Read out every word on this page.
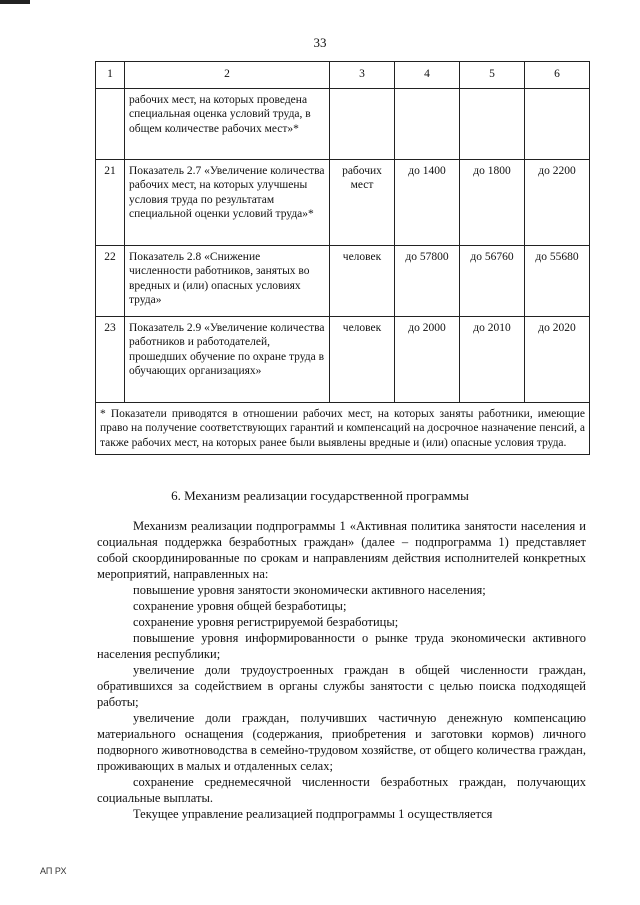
33
1	2	3	4	5	6
	рабочих мест, на которых проведена специальная оценка условий труда, в общем количестве рабочих мест»*				
21	Показатель 2.7 «Увеличение количества рабочих мест, на которых улучшены условия труда по результатам специальной оценки условий труда»*	рабочих мест	до 1400	до 1800	до 2200
22	Показатель 2.8 «Снижение численности работников, занятых во вредных и (или) опасных условиях труда»	человек	до 57800	до 56760	до 55680
23	Показатель 2.9 «Увеличение количества работников и работодателей, прошедших обучение по охране труда в обучающих организациях»	человек	до 2000	до 2010	до 2020
* Показатели приводятся в отношении рабочих мест, на которых заняты работники, имеющие право на получение соответствующих гарантий и компенсаций на досрочное назначение пенсий, а также рабочих мест, на которых ранее были выявлены вредные и (или) опасные условия труда.					
6. Механизм реализации государственной программы

Механизм реализации подпрограммы 1 «Активная политика занятости населения и социальная поддержка безработных граждан» (далее – подпрограмма 1) представляет собой скоординированные по срокам и направлениям действия исполнителей конкретных мероприятий, направленных на:

повышение уровня занятости экономически активного населения;

сохранение уровня общей безработицы;

сохранение уровня регистрируемой безработицы;

повышение уровня информированности о рынке труда экономически активного населения республики;

увеличение доли трудоустроенных граждан в общей численности граждан, обратившихся за содействием в органы службы занятости с целью поиска подходящей работы;

увеличение доли граждан, получивших частичную денежную компенсацию материального оснащения (содержания, приобретения и заготовки кормов) личного подворного животноводства в семейно-трудовом хозяйстве, от общего количества граждан, проживающих в малых и отдаленных селах;

сохранение среднемесячной численности безработных граждан, получающих социальные выплаты.

Текущее управление реализацией подпрограммы 1 осуществляется

АП РХ
